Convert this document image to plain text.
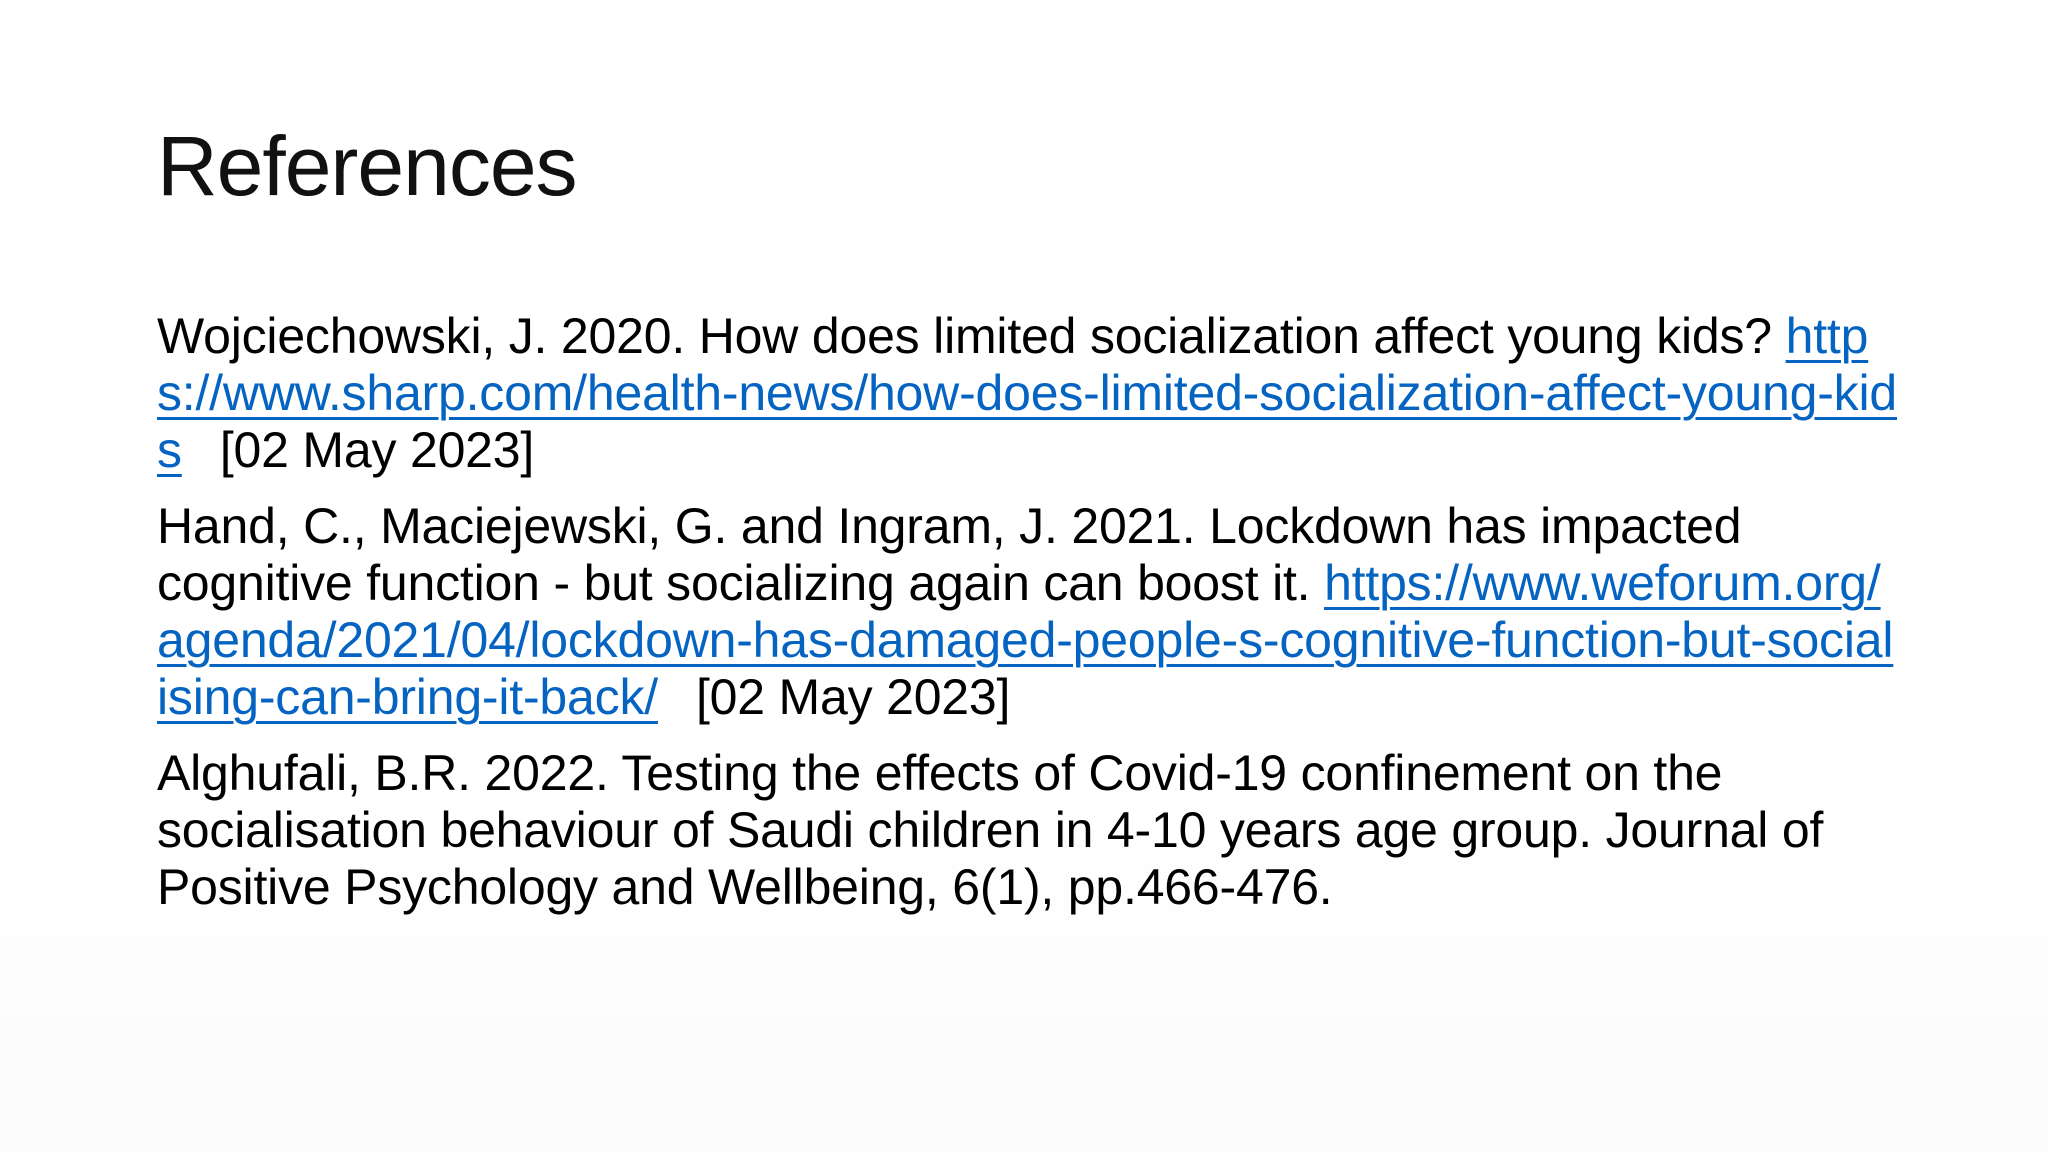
References
Wojciechowski, J. 2020. How does limited socialization affect young kids? https://www.sharp.com/health-news/how-does-limited-socialization-affect-young-kids [02 May 2023]
Hand, C., Maciejewski, G. and Ingram, J. 2021. Lockdown has impacted cognitive function - but socializing again can boost it. https://www.weforum.org/agenda/2021/04/lockdown-has-damaged-people-s-cognitive-function-but-socialising-can-bring-it-back/ [02 May 2023]
Alghufali, B.R. 2022. Testing the effects of Covid-19 confinement on the socialisation behaviour of Saudi children in 4-10 years age group. Journal of Positive Psychology and Wellbeing, 6(1), pp.466-476.
